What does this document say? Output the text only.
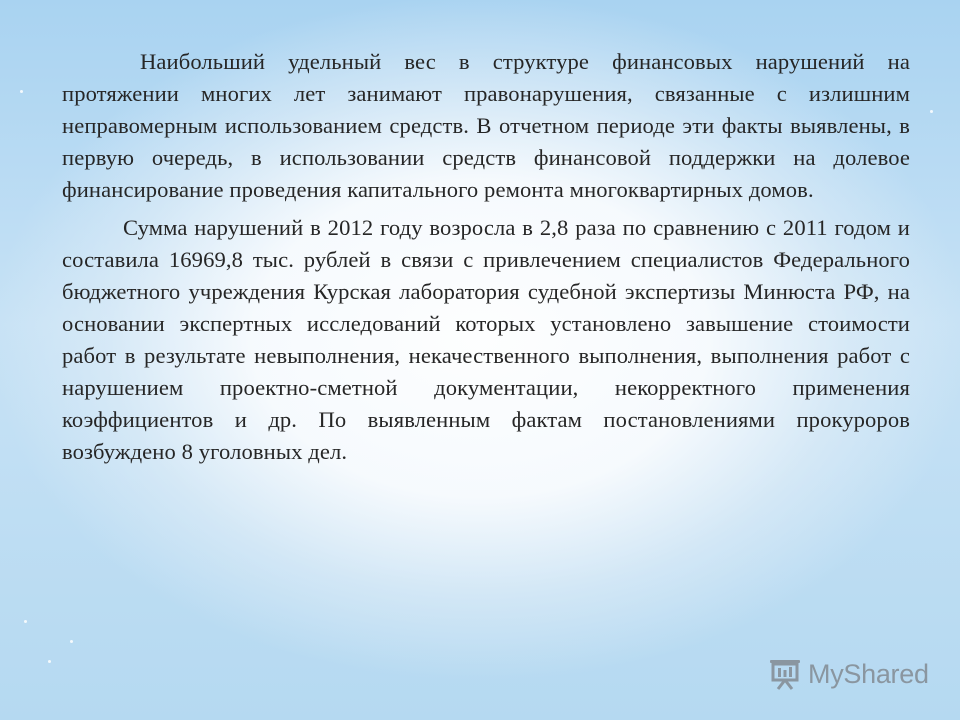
Наибольший удельный вес в структуре финансовых нарушений на протяжении многих лет занимают правонарушения, связанные с излишним неправомерным использованием средств. В отчетном периоде эти факты выявлены, в первую очередь, в использовании средств финансовой поддержки на долевое финансирование проведения капитального ремонта многоквартирных домов.

Сумма нарушений в 2012 году возросла в 2,8 раза по сравнению с 2011 годом и составила 16969,8 тыс. рублей в связи с привлечением специалистов Федерального бюджетного учреждения Курская лаборатория судебной экспертизы Минюста РФ, на основании экспертных исследований которых установлено завышение стоимости работ в результате невыполнения, некачественного выполнения, выполнения работ с нарушением проектно-сметной документации, некорректного применения коэффициентов и др. По выявленным фактам постановлениями прокуроров возбуждено 8 уголовных дел.

MyShared
